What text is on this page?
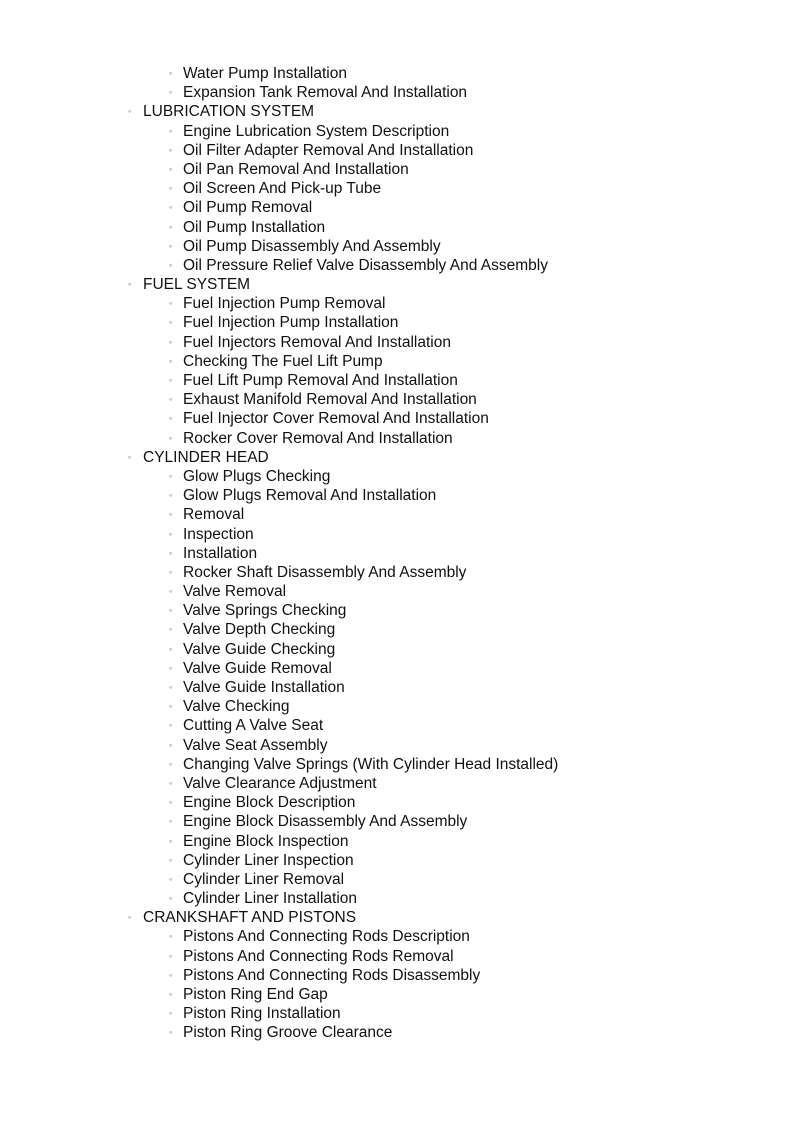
◦ Water Pump Installation
◦ Expansion Tank Removal And Installation
◦ LUBRICATION SYSTEM
◦ Engine Lubrication System Description
◦ Oil Filter Adapter Removal And Installation
◦ Oil Pan Removal And Installation
◦ Oil Screen And Pick-up Tube
◦ Oil Pump Removal
◦ Oil Pump Installation
◦ Oil Pump Disassembly And Assembly
◦ Oil Pressure Relief Valve Disassembly And Assembly
◦ FUEL SYSTEM
◦ Fuel Injection Pump Removal
◦ Fuel Injection Pump Installation
◦ Fuel Injectors Removal And Installation
◦ Checking The Fuel Lift Pump
◦ Fuel Lift Pump Removal And Installation
◦ Exhaust Manifold Removal And Installation
◦ Fuel Injector Cover Removal And Installation
◦ Rocker Cover Removal And Installation
◦ CYLINDER HEAD
◦ Glow Plugs Checking
◦ Glow Plugs Removal And Installation
◦ Removal
◦ Inspection
◦ Installation
◦ Rocker Shaft Disassembly And Assembly
◦ Valve Removal
◦ Valve Springs Checking
◦ Valve Depth Checking
◦ Valve Guide Checking
◦ Valve Guide Removal
◦ Valve Guide Installation
◦ Valve Checking
◦ Cutting A Valve Seat
◦ Valve Seat Assembly
◦ Changing Valve Springs (With Cylinder Head Installed)
◦ Valve Clearance Adjustment
◦ Engine Block Description
◦ Engine Block Disassembly And Assembly
◦ Engine Block Inspection
◦ Cylinder Liner Inspection
◦ Cylinder Liner Removal
◦ Cylinder Liner Installation
◦ CRANKSHAFT AND PISTONS
◦ Pistons And Connecting Rods Description
◦ Pistons And Connecting Rods Removal
◦ Pistons And Connecting Rods Disassembly
◦ Piston Ring End Gap
◦ Piston Ring Installation
◦ Piston Ring Groove Clearance
